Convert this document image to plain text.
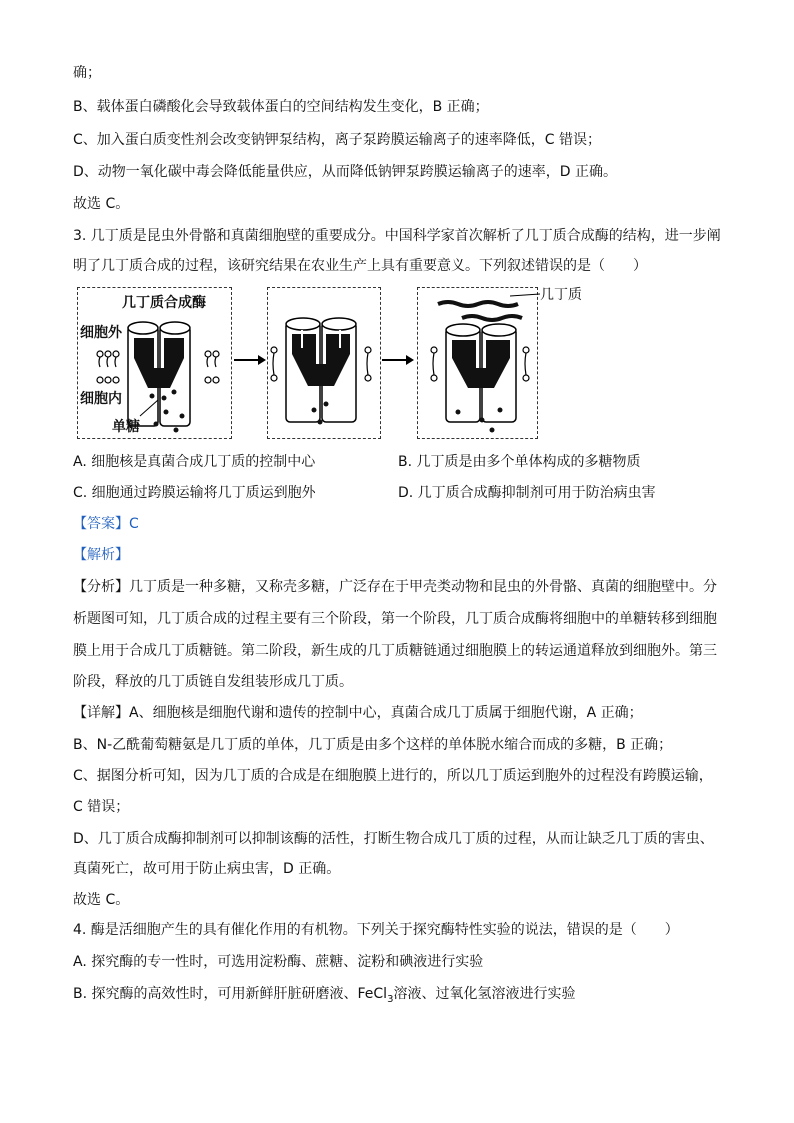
确；
B、载体蛋白磷酸化会导致载体蛋白的空间结构发生变化，B 正确；
C、加入蛋白质变性剂会改变钠钾泵结构，离子泵跨膜运输离子的速率降低，C 错误；
D、动物一氧化碳中毒会降低能量供应，从而降低钠钾泵跨膜运输离子的速率，D 正确。
故选 C。
3. 几丁质是昆虫外骨骼和真菌细胞壁的重要成分。中国科学家首次解析了几丁质合成酶的结构，进一步阐
明了几丁质合成的过程，该研究结果在农业生产上具有重要意义。下列叙述错误的是（　　）
几丁质合成酶
细胞外
细胞内
单糖
几丁质
A. 细胞核是真菌合成几丁质的控制中心	B. 几丁质是由多个单体构成的多糖物质
C. 细胞通过跨膜运输将几丁质运到胞外	D. 几丁质合成酶抑制剂可用于防治病虫害
【答案】C
【解析】
【分析】几丁质是一种多糖，又称壳多糖，广泛存在于甲壳类动物和昆虫的外骨骼、真菌的细胞壁中。分
析题图可知，几丁质合成的过程主要有三个阶段，第一个阶段，几丁质合成酶将细胞中的单糖转移到细胞
膜上用于合成几丁质糖链。第二阶段，新生成的几丁质糖链通过细胞膜上的转运通道释放到细胞外。第三
阶段，释放的几丁质链自发组装形成几丁质。
【详解】A、细胞核是细胞代谢和遗传的控制中心，真菌合成几丁质属于细胞代谢，A 正确；
B、N-乙酰葡萄糖氨是几丁质的单体，几丁质是由多个这样的单体脱水缩合而成的多糖，B 正确；
C、据图分析可知，因为几丁质的合成是在细胞膜上进行的，所以几丁质运到胞外的过程没有跨膜运输，
C 错误；
D、几丁质合成酶抑制剂可以抑制该酶的活性，打断生物合成几丁质的过程，从而让缺乏几丁质的害虫、
真菌死亡，故可用于防止病虫害，D 正确。
故选 C。
4. 酶是活细胞产生的具有催化作用的有机物。下列关于探究酶特性实验的说法，错误的是（　　）
A. 探究酶的专一性时，可选用淀粉酶、蔗糖、淀粉和碘液进行实验
B. 探究酶的高效性时，可用新鲜肝脏研磨液、FeCl$_3$溶液、过氧化氢溶液进行实验
